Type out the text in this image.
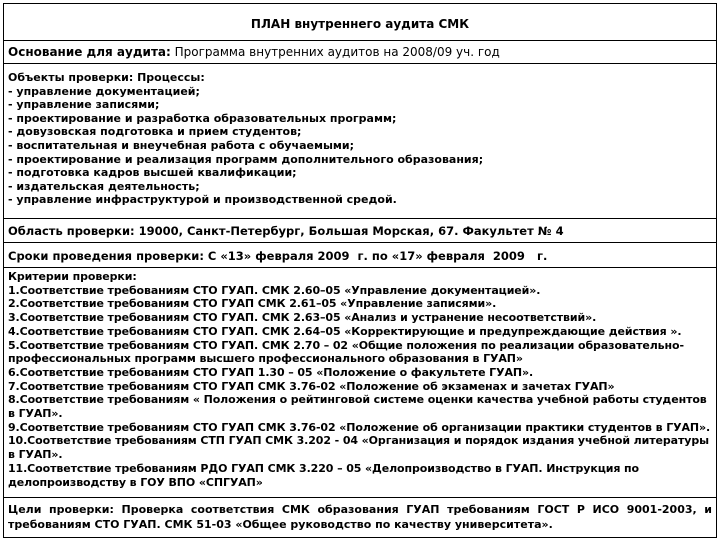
ПЛАН внутреннего аудита СМК
Основание для аудита: Программа внутренних аудитов на 2008/09 уч. год
Объекты проверки: Процессы:
- управление документацией;
- управление записями;
- проектирование и разработка образовательных программ;
- довузовская подготовка и прием студентов;
- воспитательная и внеучебная работа с обучаемыми;
- проектирование и реализация программ дополнительного образования;
- подготовка кадров высшей квалификации;
- издательская деятельность;
- управление инфраструктурой и производственной средой.
Область проверки: 19000, Санкт-Петербург, Большая Морская, 67. Факультет № 4
Сроки проведения проверки: С «13» февраля 2009  г. по «17» февраля  2009   г.
Критерии проверки:
1.Соответствие требованиям СТО ГУАП. СМК 2.60–05 «Управление документацией».
2.Соответствие требованиям СТО ГУАП СМК 2.61–05 «Управление записями».
3.Соответствие требованиям СТО ГУАП. СМК 2.63–05 «Анализ и устранение несоответствий».
4.Соответствие требованиям СТО ГУАП. СМК 2.64–05 «Корректирующие и предупреждающие действия ».
5.Соответствие требованиям СТО ГУАП. СМК 2.70 – 02 «Общие положения по реализации образовательно-
профессиональных программ высшего профессионального образования в ГУАП»
6.Соответствие требованиям СТО ГУАП 1.30 – 05 «Положение о факультете ГУАП».
7.Соответствие требованиям СТО ГУАП СМК 3.76-02 «Положение об экзаменах и зачетах ГУАП»
8.Соответствие требованиям « Положения о рейтинговой системе оценки качества учебной работы студентов
в ГУАП».
9.Соответствие требованиям СТО ГУАП СМК 3.76-02 «Положение об организации практики студентов в ГУАП».
10.Соответствие требованиям СТП ГУАП СМК 3.202 - 04 «Организация и порядок издания учебной литературы
в ГУАП».
11.Соответствие требованиям РДО ГУАП СМК 3.220 – 05 «Делопроизводство в ГУАП. Инструкция по
делопроизводству в ГОУ ВПО «СПГУАП»
Цели проверки: Проверка соответствия СМК образования ГУАП требованиям ГОСТ Р ИСО 9001-2003, и требованиям СТО ГУАП. СМК 51-03 «Общее руководство по качеству университета».
